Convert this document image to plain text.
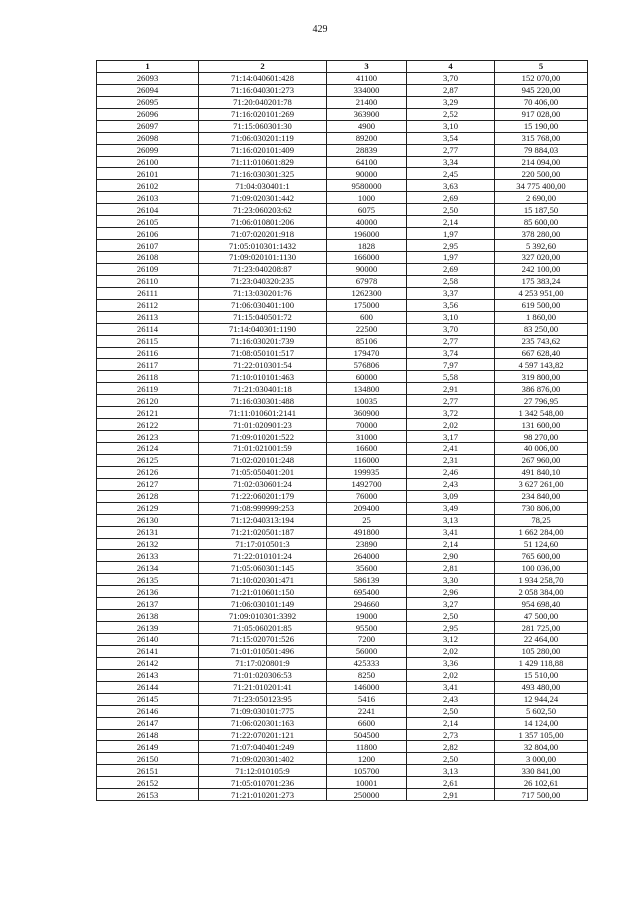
429
1	2	3	4	5
26093	71:14:040601:428	41100	3,70	152 070,00
26094	71:16:040301:273	334000	2,87	945 220,00
26095	71:20:040201:78	21400	3,29	70 406,00
26096	71:16:020101:269	363900	2,52	917 028,00
26097	71:15:060301:30	4900	3,10	15 190,00
26098	71:06:030201:119	89200	3,54	315 768,00
26099	71:16:020101:409	28839	2,77	79 884,03
26100	71:11:010601:829	64100	3,34	214 094,00
26101	71:16:030301:325	90000	2,45	220 500,00
26102	71:04:030401:1	9580000	3,63	34 775 400,00
26103	71:09:020301:442	1000	2,69	2 690,00
26104	71:23:060203:62	6075	2,50	15 187,50
26105	71:06:010801:206	40000	2,14	85 600,00
26106	71:07:020201:918	196000	1,97	378 280,00
26107	71:05:010301:1432	1828	2,95	5 392,60
26108	71:09:020101:1130	166000	1,97	327 020,00
26109	71:23:040208:87	90000	2,69	242 100,00
26110	71:23:040320:235	67978	2,58	175 383,24
26111	71:13:030201:76	1262300	3,37	4 253 951,00
26112	71:06:030401:100	175000	3,56	619 500,00
26113	71:15:040501:72	600	3,10	1 860,00
26114	71:14:040301:1190	22500	3,70	83 250,00
26115	71:16:030201:739	85106	2,77	235 743,62
26116	71:08:050101:517	179470	3,74	667 628,40
26117	71:22:010301:54	576806	7,97	4 597 143,82
26118	71:10:010101:463	60000	5,58	319 800,00
26119	71:21:030401:18	134800	2,91	386 876,00
26120	71:16:030301:488	10035	2,77	27 796,95
26121	71:11:010601:2141	360900	3,72	1 342 548,00
26122	71:01:020901:23	70000	2,02	131 600,00
26123	71:09:010201:522	31000	3,17	98 270,00
26124	71:01:021001:59	16600	2,41	40 006,00
26125	71:02:020101:248	116000	2,31	267 960,00
26126	71:05:050401:201	199935	2,46	491 840,10
26127	71:02:030601:24	1492700	2,43	3 627 261,00
26128	71:22:060201:179	76000	3,09	234 840,00
26129	71:08:999999:253	209400	3,49	730 806,00
26130	71:12:040313:194	25	3,13	78,25
26131	71:21:020501:187	491800	3,41	1 662 284,00
26132	71:17:010501:3	23890	2,14	51 124,60
26133	71:22:010101:24	264000	2,90	765 600,00
26134	71:05:060301:145	35600	2,81	100 036,00
26135	71:10:020301:471	586139	3,30	1 934 258,70
26136	71:21:010601:150	695400	2,96	2 058 384,00
26137	71:06:030101:149	294660	3,27	954 698,40
26138	71:09:010301:3392	19000	2,50	47 500,00
26139	71:05:060201:85	95500	2,95	281 725,00
26140	71:15:020701:526	7200	3,12	22 464,00
26141	71:01:010501:496	56000	2,02	105 280,00
26142	71:17:020801:9	425333	3,36	1 429 118,88
26143	71:01:020306:53	8250	2,02	15 510,00
26144	71:21:010201:41	146000	3,41	493 480,00
26145	71:23:050123:95	5416	2,43	12 944,24
26146	71:09:030101:775	2241	2,50	5 602,50
26147	71:06:020301:163	6600	2,14	14 124,00
26148	71:22:070201:121	504500	2,73	1 357 105,00
26149	71:07:040401:249	11800	2,82	32 804,00
26150	71:09:020301:402	1200	2,50	3 000,00
26151	71:12:010105:9	105700	3,13	330 841,00
26152	71:05:010701:236	10001	2,61	26 102,61
26153	71:21:010201:273	250000	2,91	717 500,00
